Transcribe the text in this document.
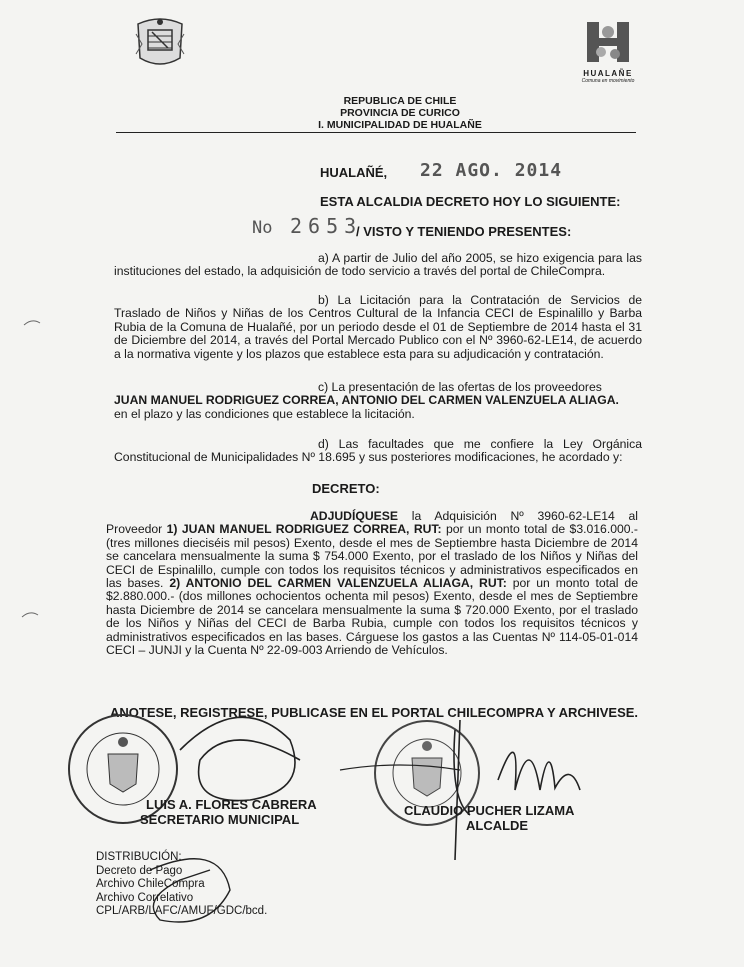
HUALAÑE
Comuna en movimiento
REPUBLICA DE CHILE
PROVINCIA DE CURICO
I. MUNICIPALIDAD DE HUALAÑE
HUALAÑÉ, 22 AGO. 2014
ESTA ALCALDIA DECRETO HOY LO SIGUIENTE:
No 2653
/ VISTO Y TENIENDO PRESENTES:
a) A partir de Julio del año 2005, se hizo exigencia para las instituciones del estado, la adquisición de todo servicio a través del portal de ChileCompra.
b) La Licitación para la Contratación de Servicios de Traslado de Niños y Niñas de los Centros Cultural de la Infancia CECI de Espinalillo y Barba Rubia de la Comuna de Hualañé, por un periodo desde el 01 de Septiembre de 2014 hasta el 31 de Diciembre del 2014, a través del Portal Mercado Publico con el Nº 3960-62-LE14, de acuerdo a la normativa vigente y los plazos que establece esta para su adjudicación y contratación.
c) La presentación de las ofertas de los proveedores
JUAN MANUEL RODRIGUEZ CORREA, ANTONIO DEL CARMEN VALENZUELA ALIAGA.
en el plazo y las condiciones que establece la licitación.
d) Las facultades que me confiere la Ley Orgánica Constitucional de Municipalidades Nº 18.695 y sus posteriores modificaciones, he acordado y:
DECRETO:
ADJUDÍQUESE la Adquisición Nº 3960-62-LE14 al Proveedor 1) JUAN MANUEL RODRIGUEZ CORREA, RUT: por un monto total de $3.016.000.- (tres millones dieciséis mil pesos) Exento, desde el mes de Septiembre hasta Diciembre de 2014 se cancelara mensualmente la suma $ 754.000 Exento, por el traslado de los Niños y Niñas del CECI de Espinalillo, cumple con todos los requisitos técnicos y administrativos especificados en las bases. 2) ANTONIO DEL CARMEN VALENZUELA ALIAGA, RUT: por un monto total de $2.880.000.- (dos millones ochocientos ochenta mil pesos) Exento, desde el mes de Septiembre hasta Diciembre de 2014 se cancelara mensualmente la suma $ 720.000 Exento, por el traslado de los Niños y Niñas del CECI de Barba Rubia, cumple con todos los requisitos técnicos y administrativos especificados en las bases. Cárguese los gastos a las Cuentas Nº 114-05-01-014 CECI – JUNJI y la Cuenta Nº 22-09-003 Arriendo de Vehículos.
ANOTESE, REGISTRESE, PUBLICASE EN EL PORTAL CHILECOMPRA Y ARCHIVESE.
LUIS A. FLORES CABRERA
SECRETARIO MUNICIPAL
CLAUDIO PUCHER LIZAMA
ALCALDE
DISTRIBUCIÓN:
Decreto de Pago
Archivo ChileCompra
Archivo Correlativo
CPL/ARB/LAFC/AMUF/GDC/bcd.
